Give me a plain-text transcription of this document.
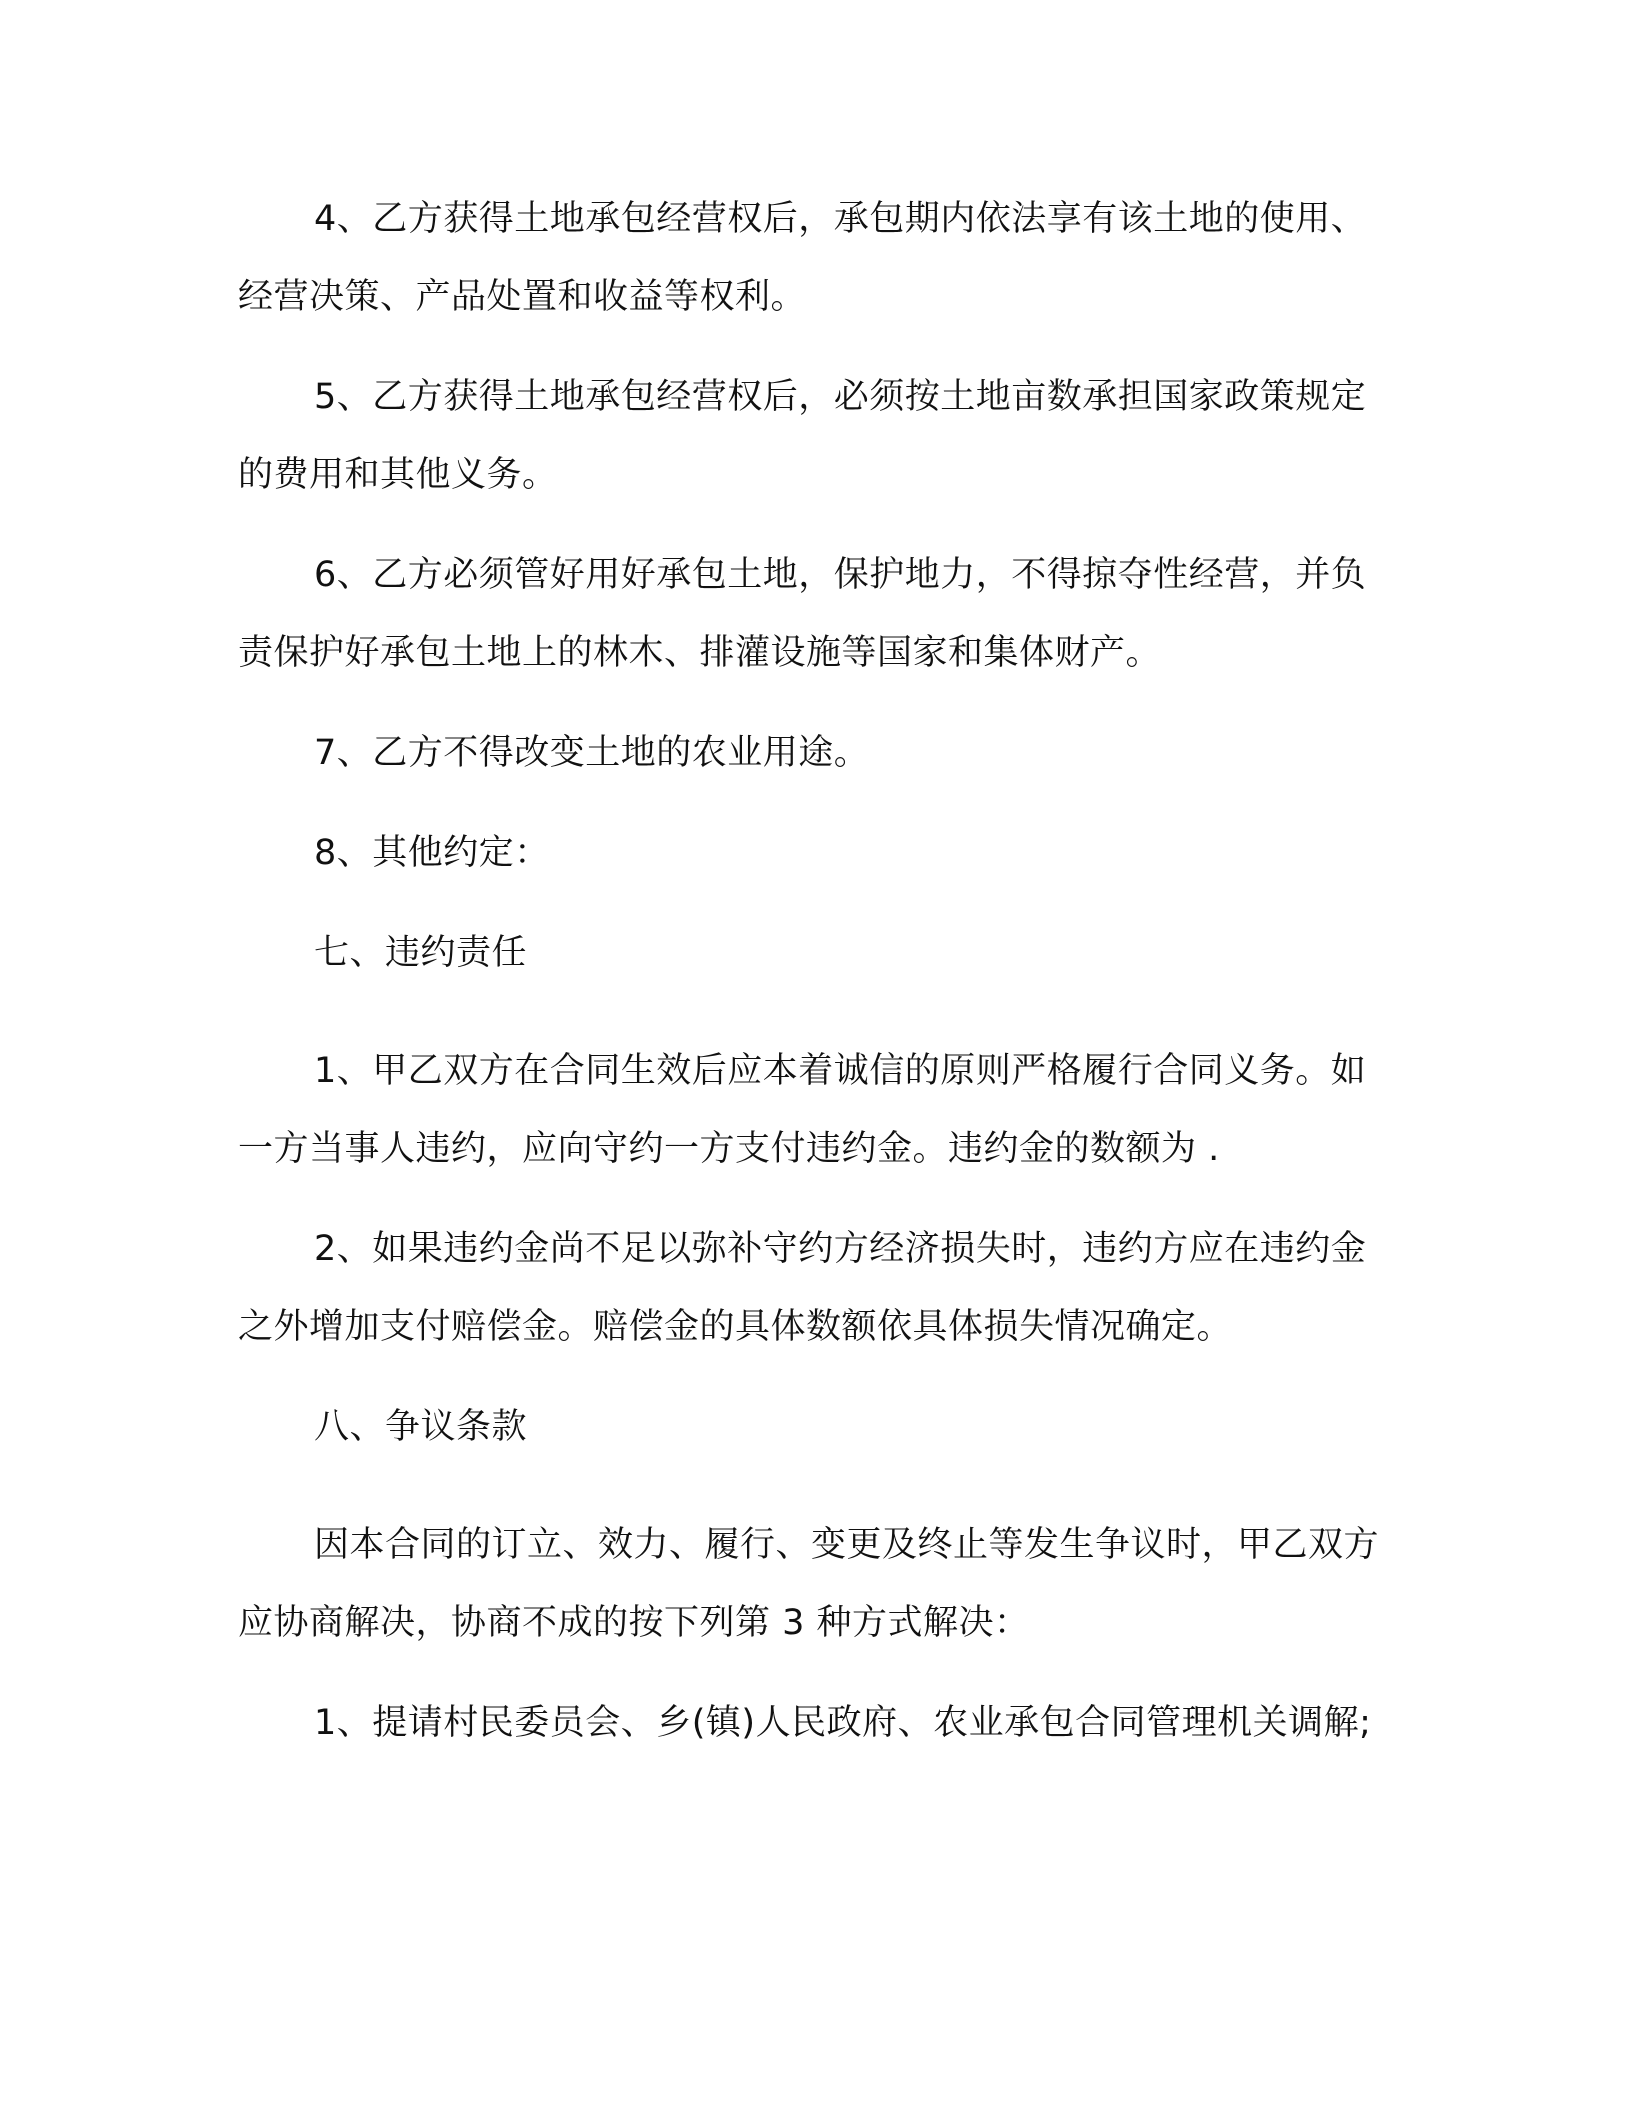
4、乙方获得土地承包经营权后，承包期内依法享有该土地的使用、经营决策、产品处置和收益等权利。

5、乙方获得土地承包经营权后，必须按土地亩数承担国家政策规定的费用和其他义务。

6、乙方必须管好用好承包土地，保护地力，不得掠夺性经营，并负责保护好承包土地上的林木、排灌设施等国家和集体财产。

7、乙方不得改变土地的农业用途。

8、其他约定：

七、违约责任

1、甲乙双方在合同生效后应本着诚信的原则严格履行合同义务。如一方当事人违约，应向守约一方支付违约金。违约金的数额为 .

2、如果违约金尚不足以弥补守约方经济损失时，违约方应在违约金之外增加支付赔偿金。赔偿金的具体数额依具体损失情况确定。

八、争议条款

因本合同的订立、效力、履行、变更及终止等发生争议时，甲乙双方应协商解决，协商不成的按下列第 3 种方式解决：

1、提请村民委员会、乡(镇)人民政府、农业承包合同管理机关调解;
